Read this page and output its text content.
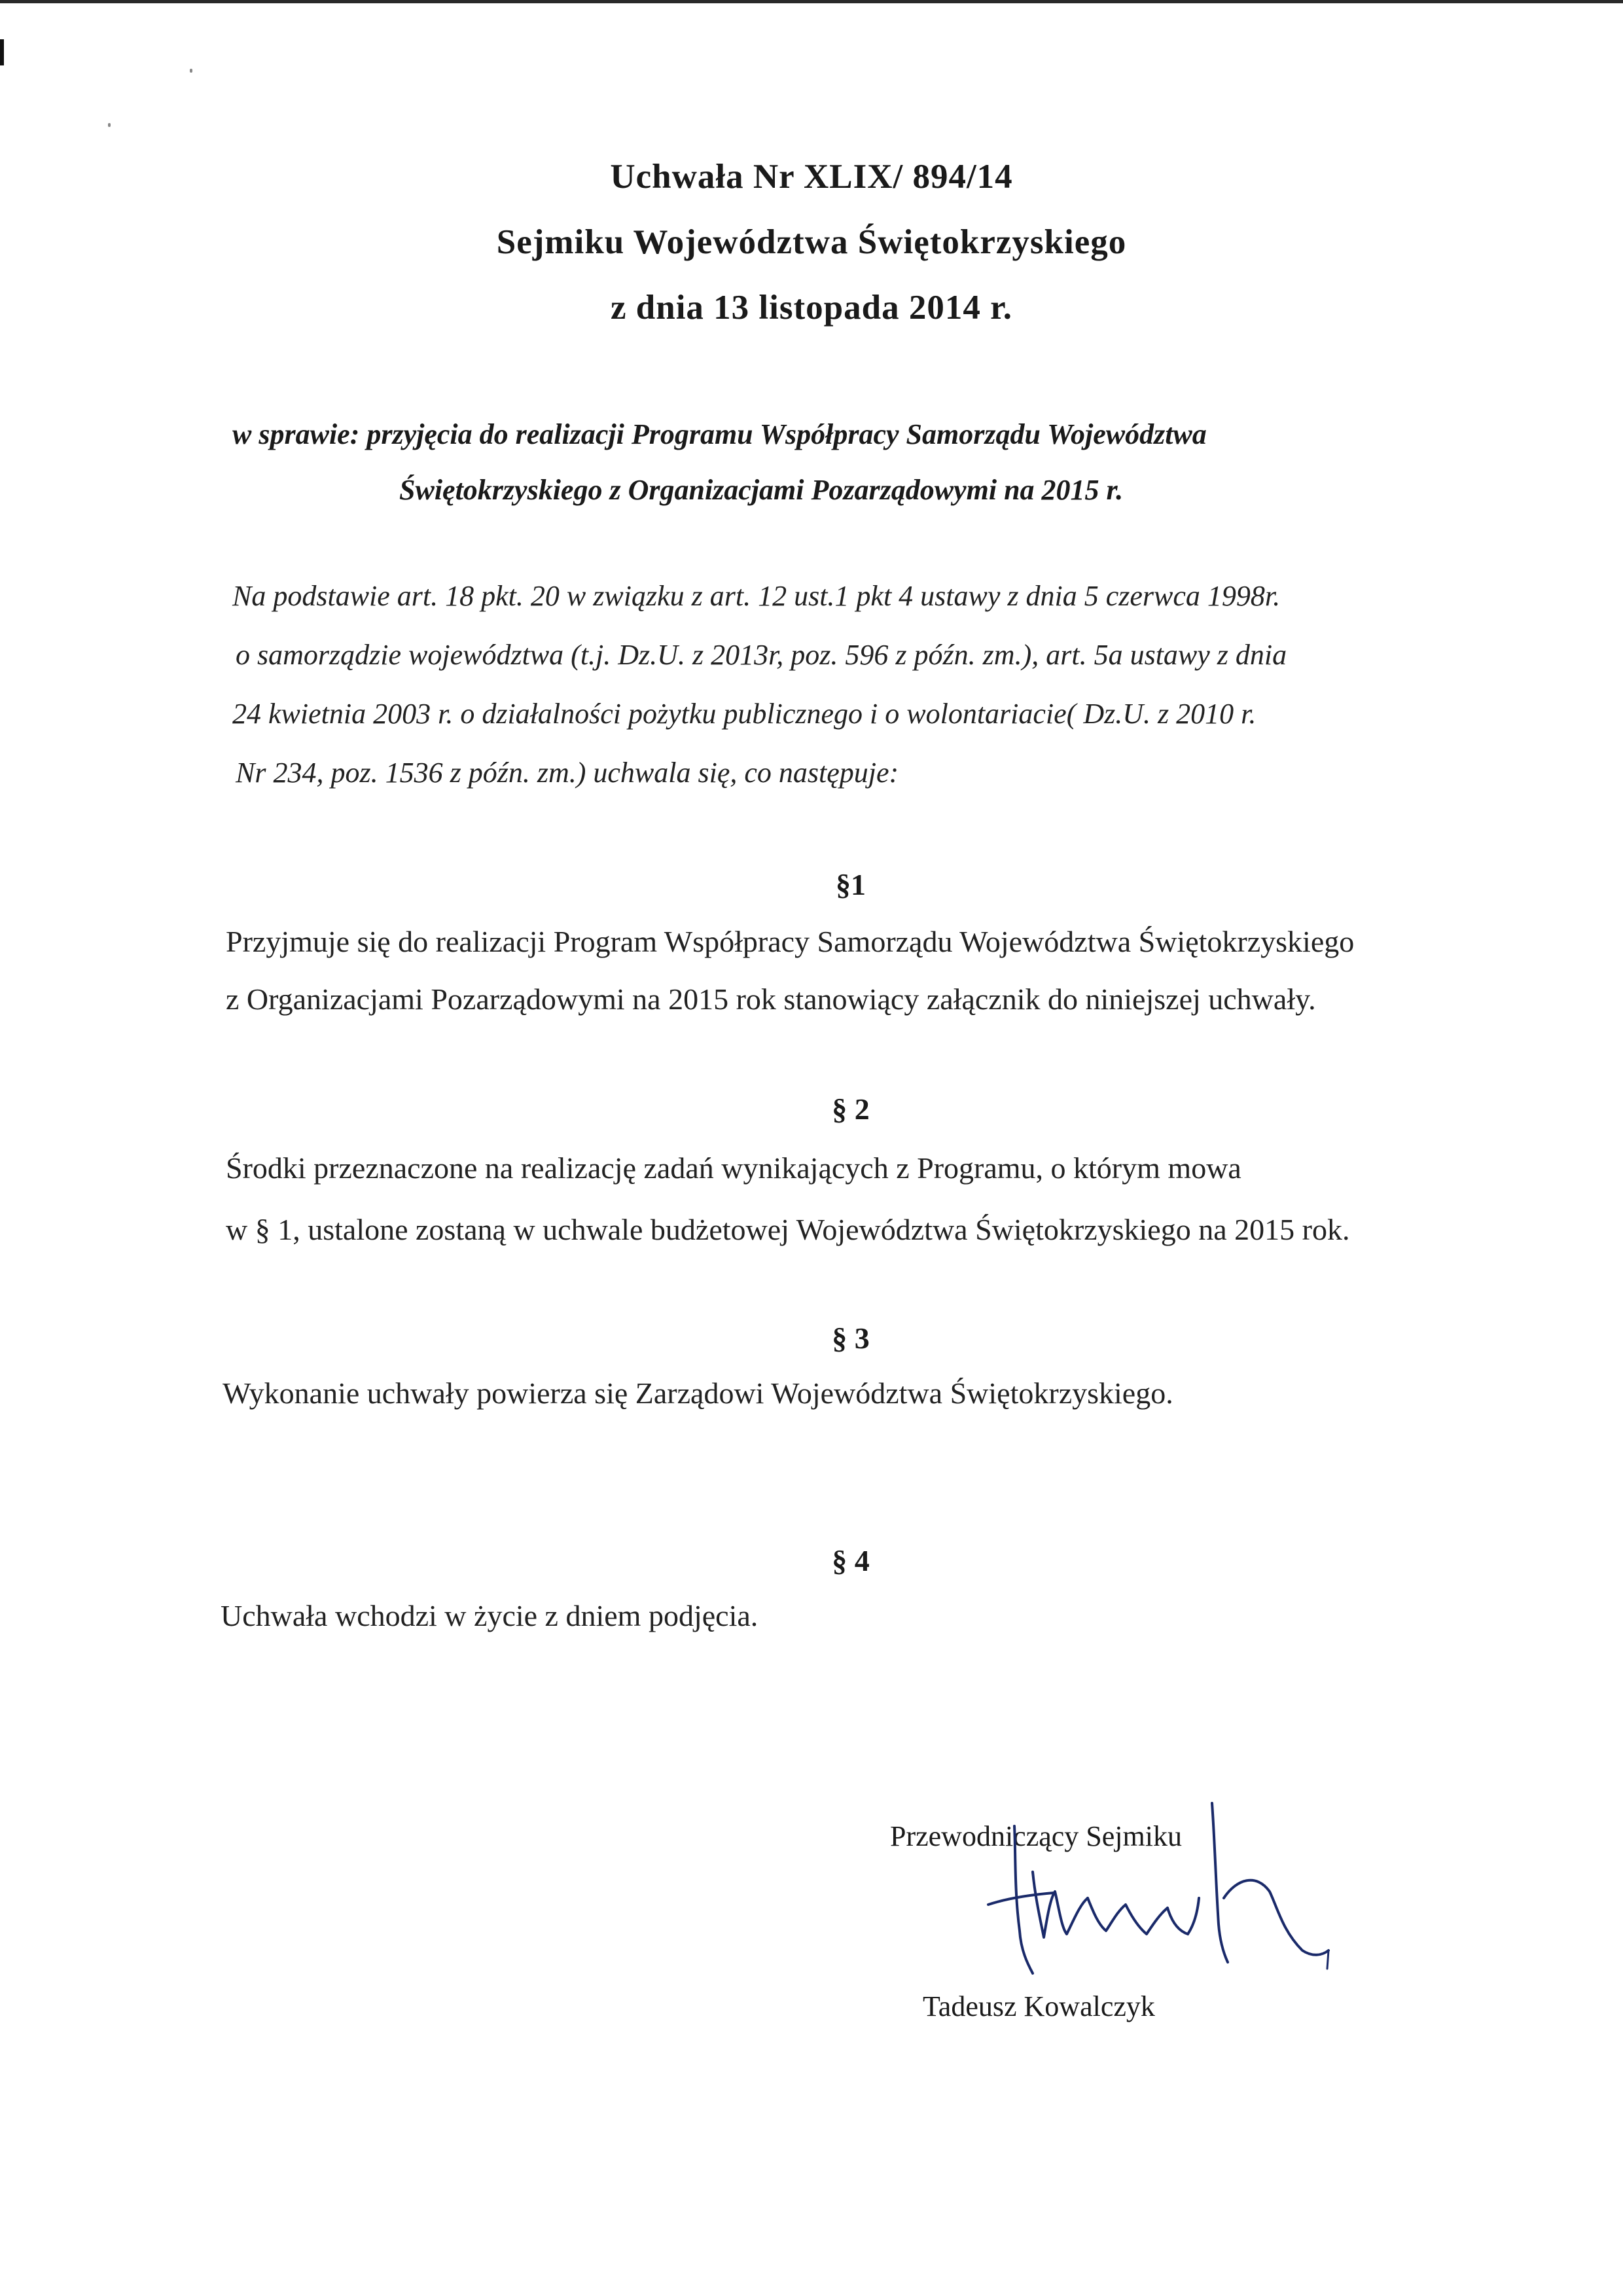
Uchwała Nr XLIX/ 894/14
Sejmiku Województwa Świętokrzyskiego
z dnia 13 listopada 2014 r.
w sprawie: przyjęcia do realizacji Programu Współpracy Samorządu Województwa
Świętokrzyskiego z Organizacjami Pozarządowymi na 2015 r.
Na podstawie art. 18 pkt. 20 w związku z art. 12 ust.1 pkt 4 ustawy z dnia 5 czerwca 1998r.
o samorządzie województwa (t.j. Dz.U. z 2013r, poz. 596 z późn. zm.), art. 5a ustawy z dnia
24 kwietnia 2003 r. o działalności pożytku publicznego i o wolontariacie( Dz.U. z 2010 r.
Nr 234, poz. 1536 z późn. zm.) uchwala się, co następuje:
§1
Przyjmuje się do realizacji Program Współpracy Samorządu Województwa Świętokrzyskiego
z Organizacjami Pozarządowymi na 2015 rok stanowiący załącznik do niniejszej uchwały.
§ 2
Środki przeznaczone na realizację zadań wynikających z Programu, o którym mowa
w § 1, ustalone zostaną w uchwale budżetowej Województwa Świętokrzyskiego na 2015 rok.
§ 3
Wykonanie uchwały powierza się Zarządowi Województwa Świętokrzyskiego.
§ 4
Uchwała wchodzi w życie z dniem podjęcia.
Przewodniczący Sejmiku
Tadeusz Kowalczyk
